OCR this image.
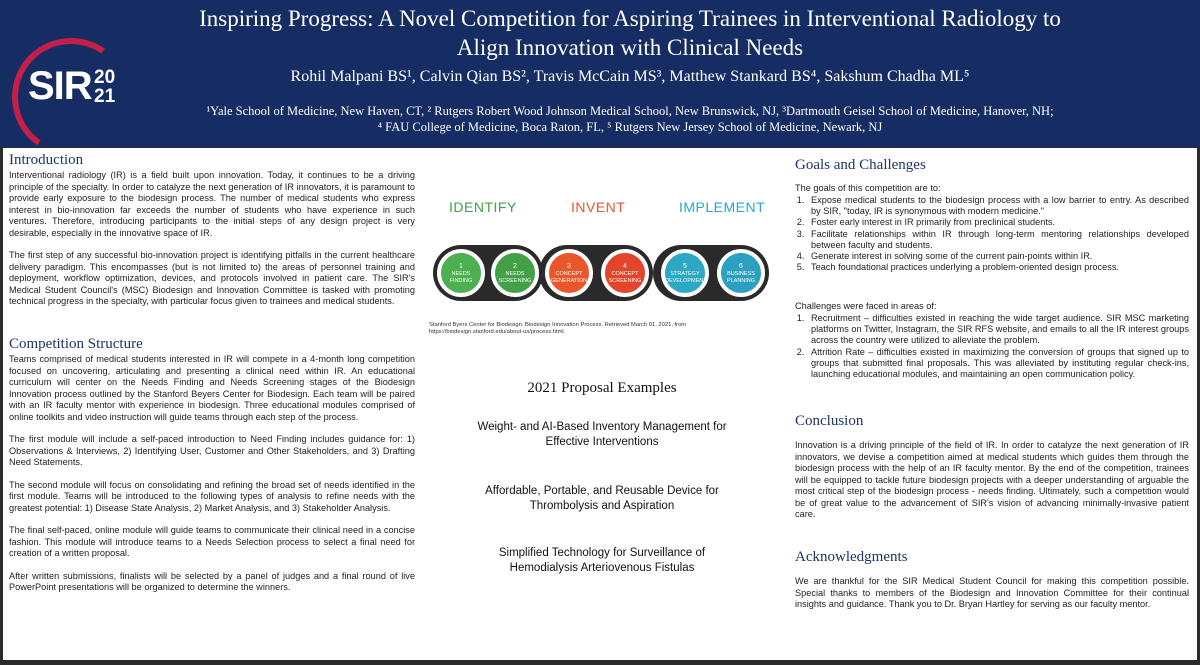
SIR 20
21
Inspiring Progress: A Novel Competition for Aspiring Trainees in Interventional Radiology to
Align Innovation with Clinical Needs
Rohil Malpani BS¹, Calvin Qian BS², Travis McCain MS³, Matthew Stankard BS⁴, Sakshum Chadha ML⁵
¹Yale School of Medicine, New Haven, CT, ² Rutgers Robert Wood Johnson Medical School, New Brunswick, NJ, ³Dartmouth Geisel School of Medicine, Hanover, NH;
⁴ FAU College of Medicine, Boca Raton, FL, ⁵ Rutgers New Jersey School of Medicine, Newark, NJ
Introduction

Interventional radiology (IR) is a field built upon innovation. Today, it continues to be a driving principle of the specialty. In order to catalyze the next generation of IR innovators, it is paramount to provide early exposure to the biodesign process. The number of medical students who express interest in bio-innovation far exceeds the number of students who have experience in such ventures. Therefore, introducing participants to the initial steps of any design project is very desirable, especially in the innovative space of IR.

The first step of any successful bio-innovation project is identifying pitfalls in the current healthcare delivery paradigm. This encompasses (but is not limited to) the areas of personnel training and deployment, workflow optimization, devices, and protocols involved in patient care. The SIR's Medical Student Council's (MSC) Biodesign and Innovation Committee is tasked with promoting technical progress in the specialty, with particular focus given to trainees and medical students.

Competition Structure

Teams comprised of medical students interested in IR will compete in a 4-month long competition focused on uncovering, articulating and presenting a clinical need within IR. An educational curriculum will center on the Needs Finding and Needs Screening stages of the Biodesign Innovation process outlined by the Stanford Beyers Center for Biodesign. Each team will be paired with an IR faculty mentor with experience in biodesign. Three educational modules comprised of online toolkits and video instruction will guide teams through each step of the process.

The first module will include a self-paced introduction to Need Finding includes guidance for: 1) Observations & Interviews, 2) Identifying User, Customer and Other Stakeholders, and 3) Drafting Need Statements.

The second module will focus on consolidating and refining the broad set of needs identified in the first module. Teams will be introduced to the following types of analysis to refine needs with the greatest potential: 1) Disease State Analysis, 2) Market Analysis, and 3) Stakeholder Analysis.

The final self-paced, online module will guide teams to communicate their clinical need in a concise fashion. This module will introduce teams to a Needs Selection process to select a final need for creation of a written proposal.

After written submissions, finalists will be selected by a panel of judges and a final round of live PowerPoint presentations will be organized to determine the winners.

IDENTIFY	INVENT	IMPLEMENT
1
NEEDS FINDING
2
NEEDS SCREENING
3
CONCEPT GENERATION
4
CONCEPT SCREENING
5
STRATEGY DEVELOPMENT
6
BUSINESS PLANNING
Stanford Byers Center for Biodesign. Biodesign Innovation Process. Retrieved March 01, 2021, from
https://biodesign.stanford.edu/about-us/process.html
2021 Proposal Examples
Weight- and AI-Based Inventory Management for
Effective Interventions
Affordable, Portable, and Reusable Device for
Thrombolysis and Aspiration
Simplified Technology for Surveillance of
Hemodialysis Arteriovenous Fistulas
Goals and Challenges
The goals of this competition are to:
1. Expose medical students to the biodesign process with a low barrier to entry. As described by SIR, "today, IR is synonymous with modern medicine."
2. Foster early interest in IR primarily from preclinical students.
3. Facilitate relationships within IR through long-term mentoring relationships developed between faculty and students.
4. Generate interest in solving some of the current pain-points within IR.
5. Teach foundational practices underlying a problem-oriented design process.
Challenges were faced in areas of:
1. Recruitment – difficulties existed in reaching the wide target audience. SIR MSC marketing platforms on Twitter, Instagram, the SIR RFS website, and emails to all the IR interest groups across the country were utilized to alleviate the problem.
2. Attrition Rate – difficulties existed in maximizing the conversion of groups that signed up to groups that submitted final proposals. This was alleviated by instituting regular check-ins, launching educational modules, and maintaining an open communication policy.
Conclusion
Innovation is a driving principle of the field of IR. In order to catalyze the next generation of IR innovators, we devise a competition aimed at medical students which guides them through the biodesign process with the help of an IR faculty mentor. By the end of the competition, trainees will be equipped to tackle future biodesign projects with a deeper understanding of arguable the most critical step of the biodesign process - needs finding. Ultimately, such a competition would be of great value to the advancement of SIR's vision of advancing minimally-invasive patient care.
Acknowledgments
We are thankful for the SIR Medical Student Council for making this competition possible. Special thanks to members of the Biodesign and Innovation Committee for their continual insights and guidance. Thank you to Dr. Bryan Hartley for serving as our faculty mentor.
